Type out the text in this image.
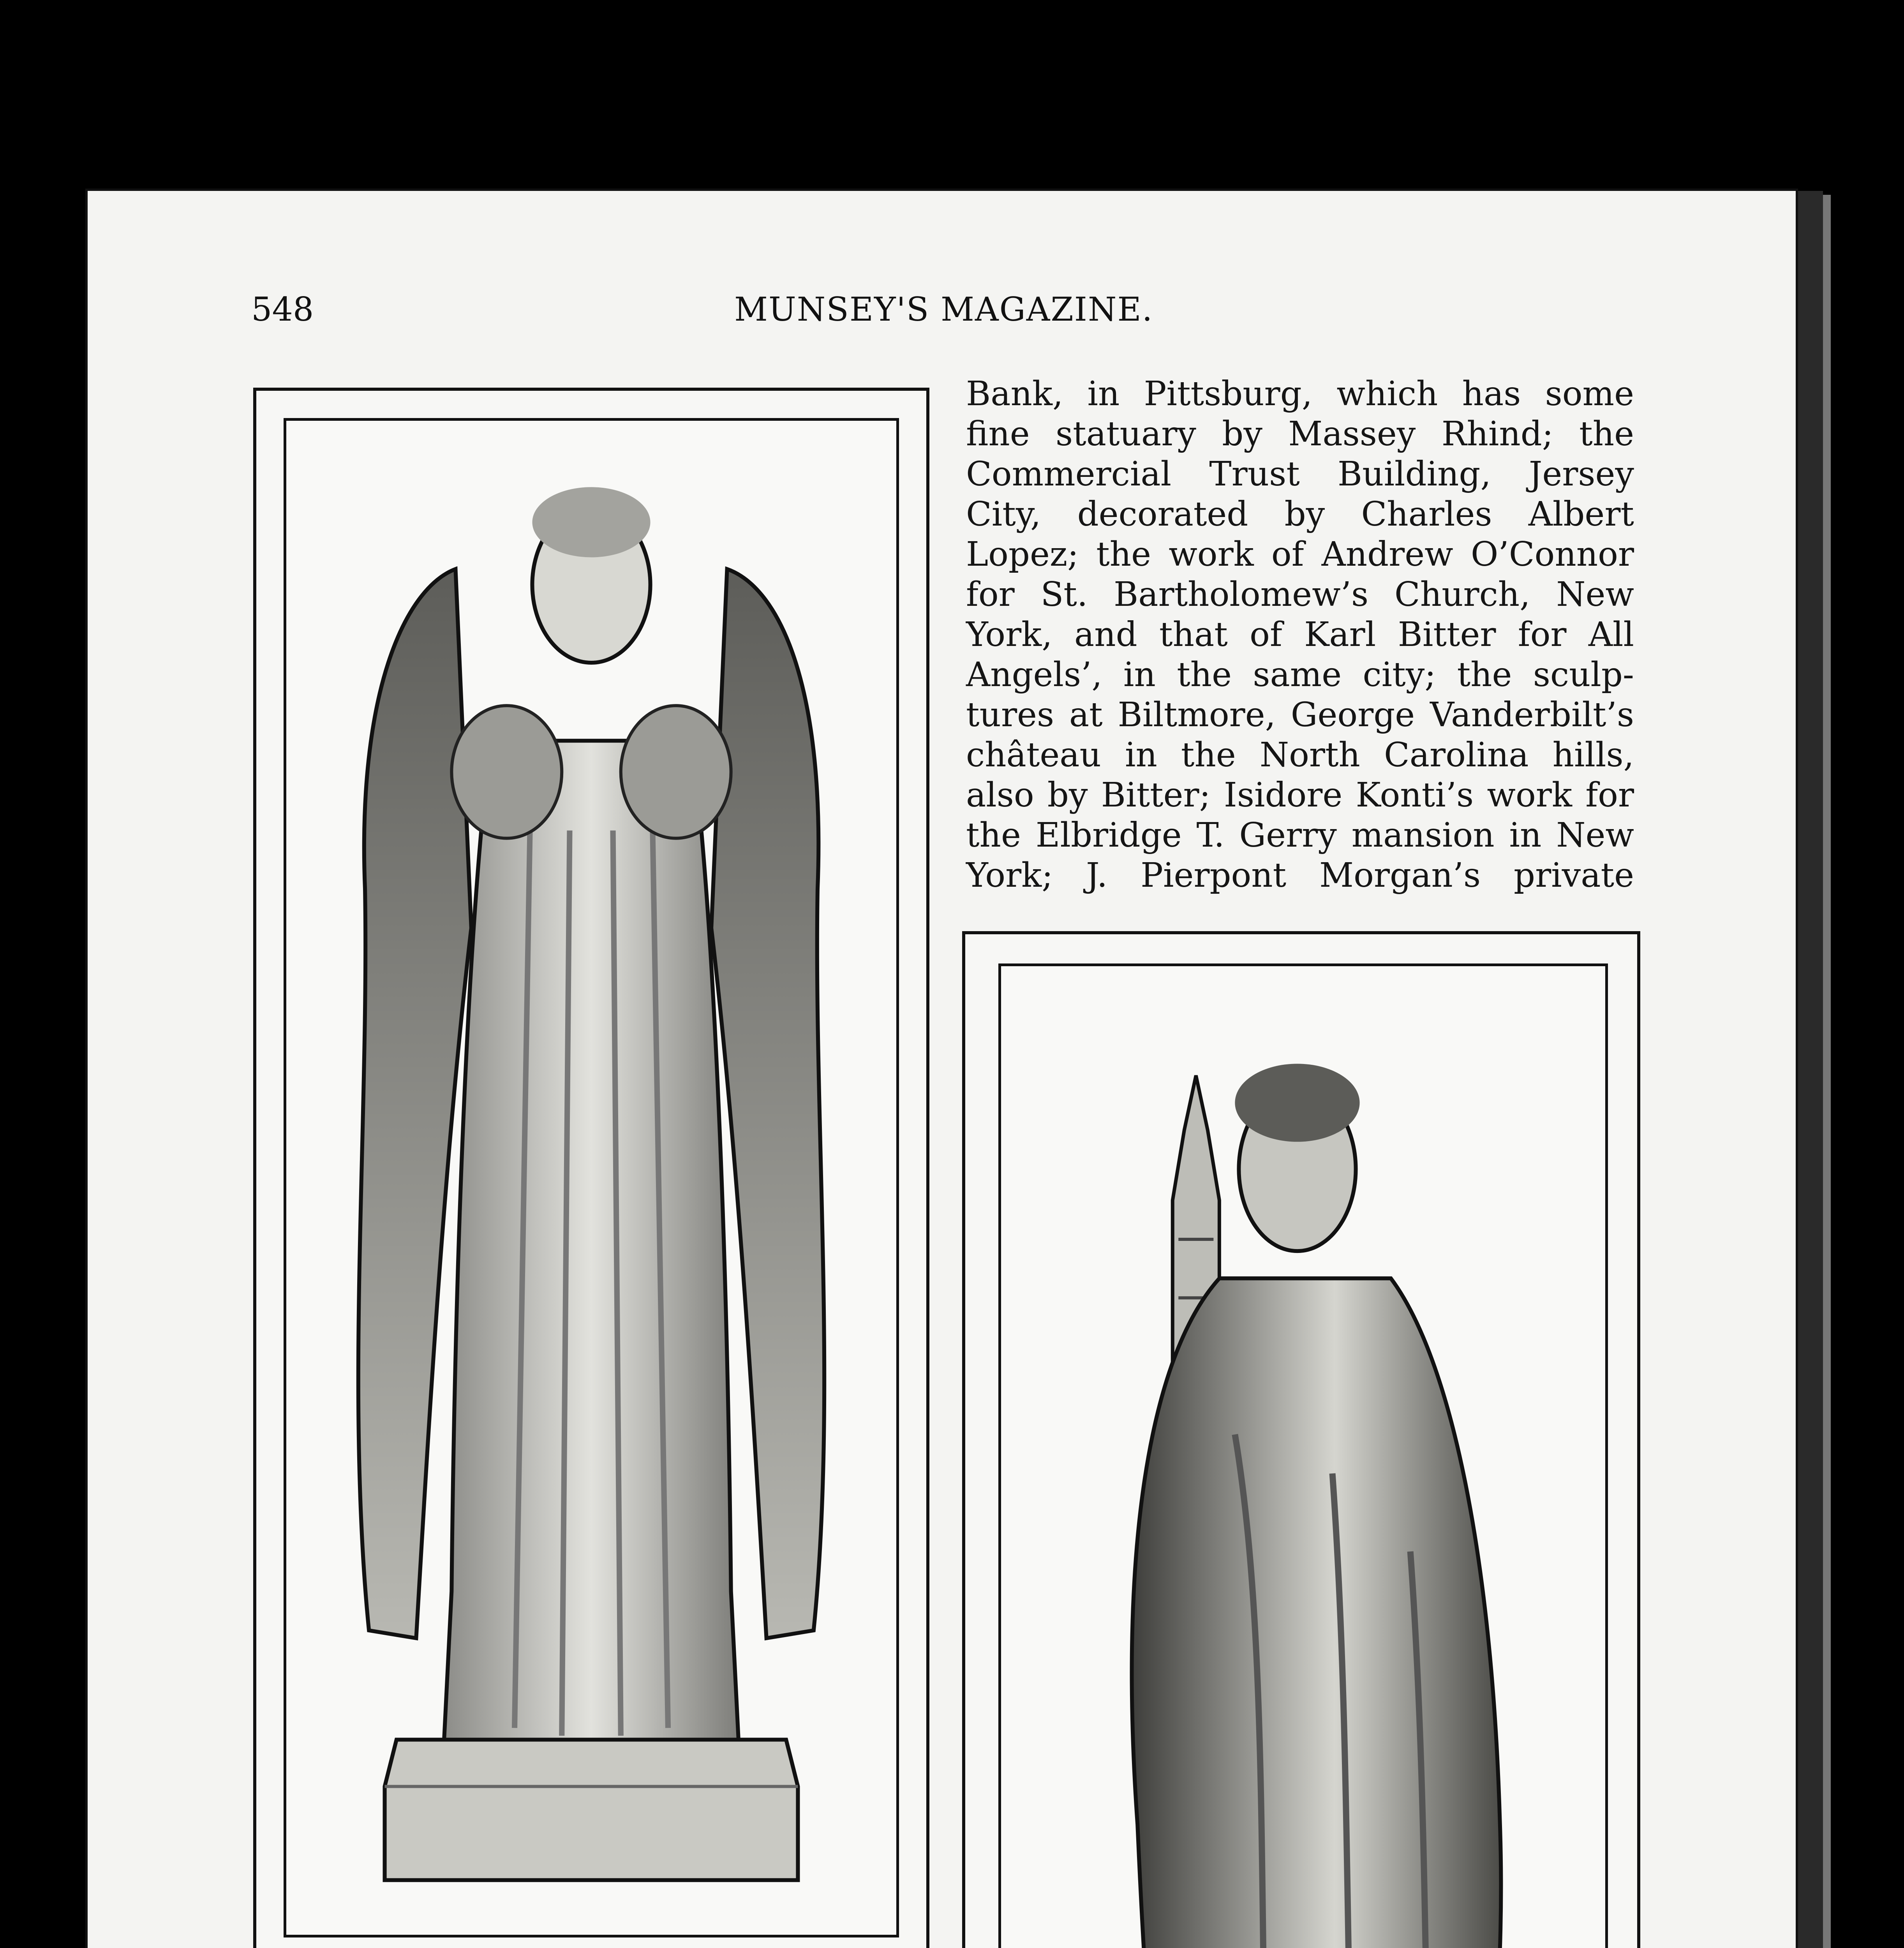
548	MUNSEY'S MAGAZINE.
Bank, in Pittsburg, which has some
fine statuary by Massey Rhind; the
Commercial Trust Building, Jersey
City, decorated by Charles Albert
Lopez; the work of Andrew O’Connor
for St. Bartholomew’s Church, New
York, and that of Karl Bitter for All
Angels’, in the same city; the sculp-
tures at Biltmore, George Vanderbilt’s
château in the North Carolina hills,
also by Bitter; Isidore Konti’s work for
the Elbridge T. Gerry mansion in New
York; J. Pierpont Morgan’s private
